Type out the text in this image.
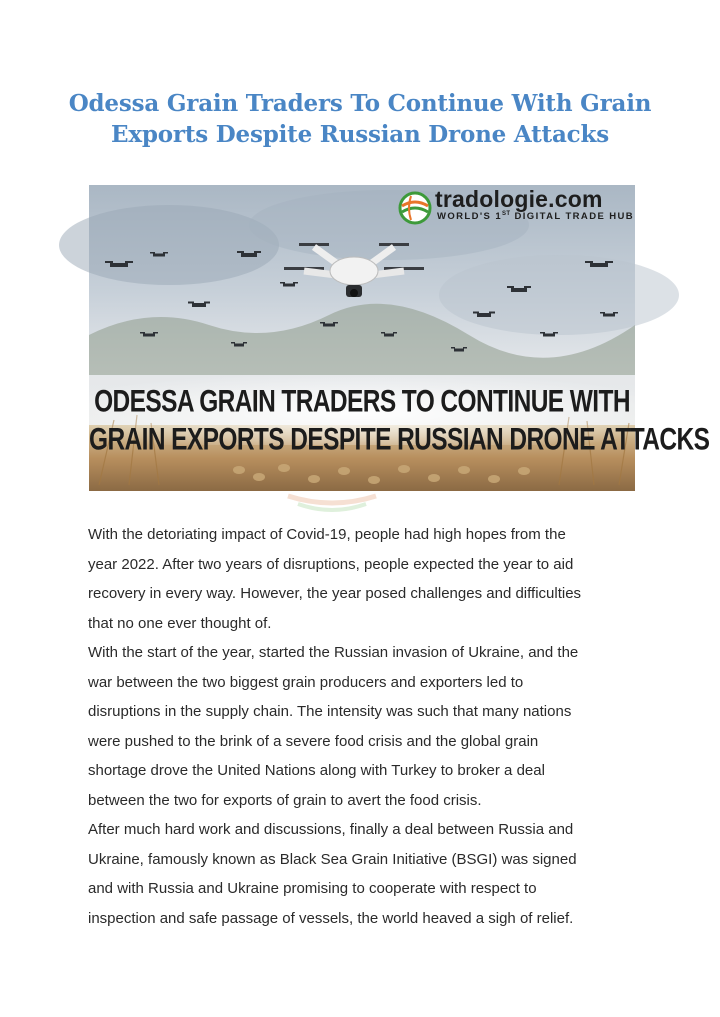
Odessa Grain Traders To Continue With Grain
Exports Despite Russian Drone Attacks
tradologie.com
WORLD'S 1ST DIGITAL TRADE HUB
ODESSA GRAIN TRADERS TO CONTINUE WITH
GRAIN EXPORTS DESPITE RUSSIAN DRONE ATTACKS

With the detoriating impact of Covid-19, people had high hopes from the
year 2022. After two years of disruptions, people expected the year to aid
recovery in every way. However, the year posed challenges and difficulties
that no one ever thought of.

With the start of the year, started the Russian invasion of Ukraine, and the
war between the two biggest grain producers and exporters led to
disruptions in the supply chain. The intensity was such that many nations
were pushed to the brink of a severe food crisis and the global grain
shortage drove the United Nations along with Turkey to broker a deal
between the two for exports of grain to avert the food crisis.

After much hard work and discussions, finally a deal between Russia and
Ukraine, famously known as Black Sea Grain Initiative (BSGI) was signed
and with Russia and Ukraine promising to cooperate with respect to
inspection and safe passage of vessels, the world heaved a sigh of relief.
